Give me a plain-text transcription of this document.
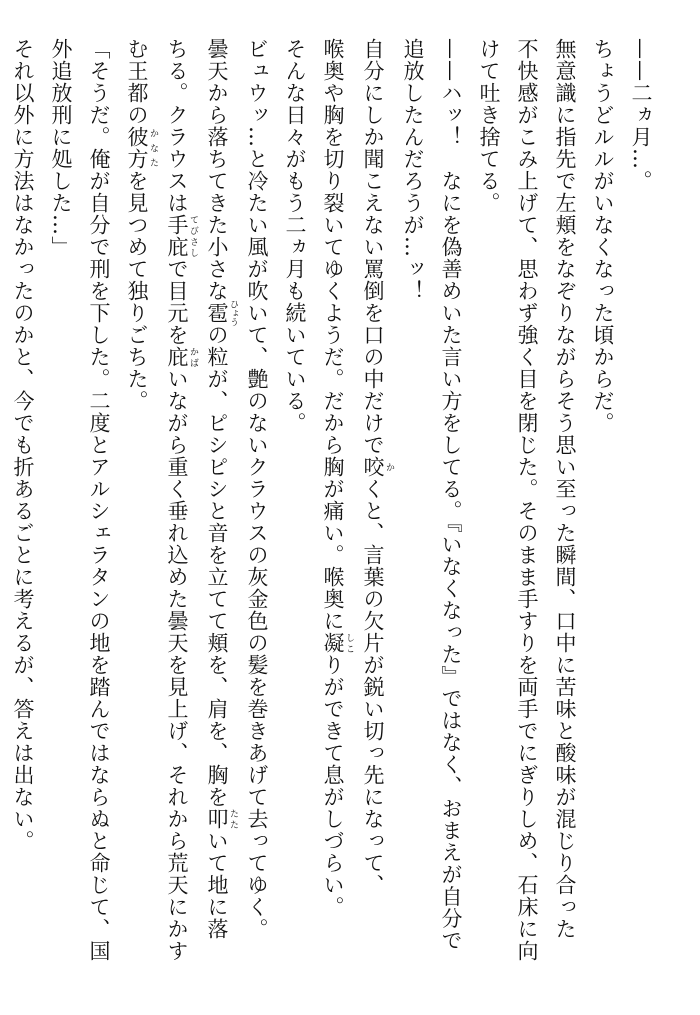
——二ヵ月…。
ちょうどルルがいなくなった頃からだ。
無意識に指先で左頬をなぞりながらそう思い至った瞬間、口中に苦味と酸味が混じり合った
不快感がこみ上げて、思わず強く目を閉じた。そのまま手すりを両手でにぎりしめ、石床に向
けて吐き捨てる。
——ハッ！　なにを偽善めいた言い方をしてる。『いなくなった』ではなく、おまえが自分で
追放したんだろうが…ッ！
自分にしか聞こえない罵倒を口の中だけで咬 かくと、言葉の欠片が鋭い切っ先になって、
喉奥や胸を切り裂いてゆくようだ。だから胸が痛い。喉奥に凝 しこりができて息がしづらい。
そんな日々がもう二ヵ月も続いている。
ビュウッ…と冷たい風が吹いて、艶のないクラウスの灰金色の髪を巻きあげて去ってゆく。
曇天から落ちてきた小さな雹 ひょうの粒が、ピシピシと音を立てて頬を、肩を、胸を叩 たたいて地に落
ちる。クラウスは手庇 てびさしで目元を庇 かばいながら重く垂れ込めた曇天を見上げ、それから荒天にかす
む王都の彼方 かなたを見つめて独りごちた。
「そうだ。俺が自分で刑を下した。二度とアルシェラタンの地を踏んではならぬと命じて、国
外追放刑に処した…」
それ以外に方法はなかったのかと、今でも折あるごとに考えるが、答えは出ない。
